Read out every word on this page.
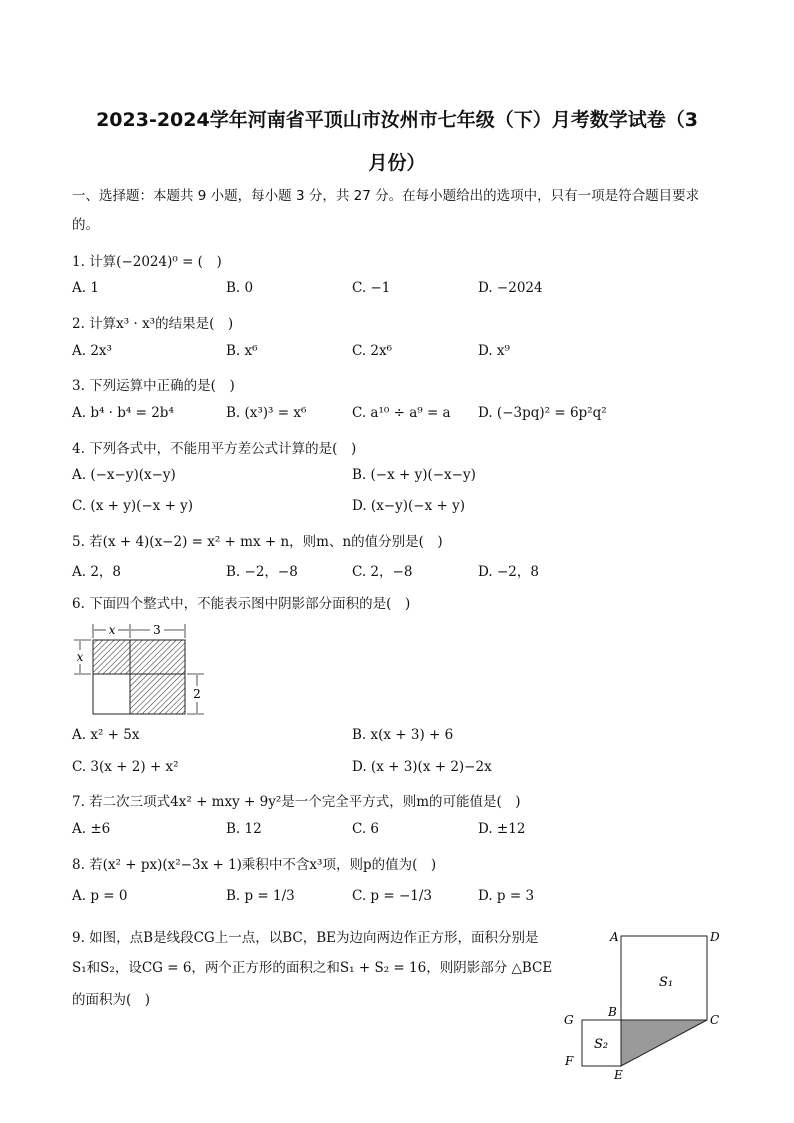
2023-2024学年河南省平顶山市汝州市七年级（下）月考数学试卷（3
月份）
一、选择题：本题共 9 小题，每小题 3 分，共 27 分。在每小题给出的选项中，只有一项是符合题目要求
的。
1. 计算(−2024)⁰ = (　)
A. 1	B. 0	C. −1	D. −2024
2. 计算x³ · x³的结果是(　)
A. 2x³	B. x⁶	C. 2x⁶	D. x⁹
3. 下列运算中正确的是(　)
A. b⁴ · b⁴ = 2b⁴	B. (x³)³ = x⁶	C. a¹⁰ ÷ a⁹ = a D. (−3pq)² = 6p²q²
4. 下列各式中，不能用平方差公式计算的是(　)
A. (−x−y)(x−y)	B. (−x + y)(−x−y)
C. (x + y)(−x + y)	D. (x−y)(−x + y)
5. 若(x + 4)(x−2) = x² + mx + n，则m、n的值分别是(　)
A. 2，8	B. −2，−8	C. 2，−8	D. −2，8
6. 下面四个整式中，不能表示图中阴影部分面积的是(　)
x	3
x
2
A. x² + 5x	B. x(x + 3) + 6
C. 3(x + 2) + x²	D. (x + 3)(x + 2)−2x
7. 若二次三项式4x² + mxy + 9y²是一个完全平方式，则m的可能值是(　)
A. ±6	B. 12	C. 6	D. ±12
8. 若(x² + px)(x²−3x + 1)乘积中不含x³项，则p的值为(　)
A. p = 0	B. p = 1/3	C. p = −1/3	D. p = 3
9. 如图，点B是线段CG上一点，以BC，BE为边向两边作正方形，面积分别是
S₁和S₂，设CG = 6，两个正方形的面积之和S₁ + S₂ = 16，则阴影部分 △BCE
的面积为(　)
A	D
S₁
G
B
C
S₂
F
E
